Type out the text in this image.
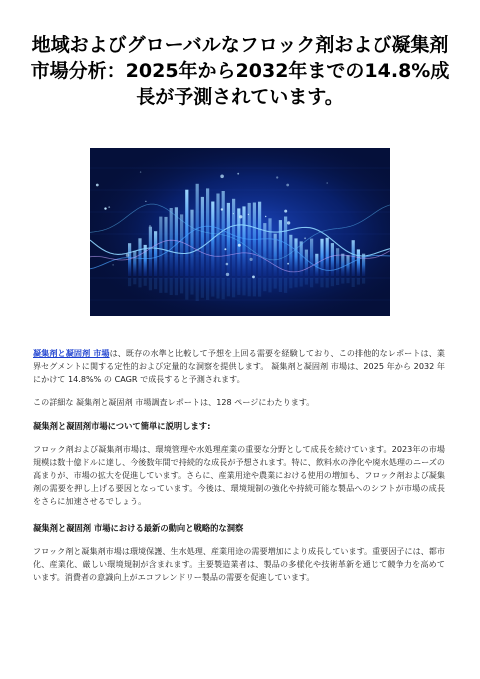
地域およびグローバルなフロック剤および凝集剤市場分析：2025年から2032年までの14.8%成長が予測されています。

凝集剤と凝固剤 市場は、既存の水準と比較して予想を上回る需要を経験しており、この排他的なレポートは、業界セグメントに関する定性的および定量的な洞察を提供します。 凝集剤と凝固剤 市場は、2025 年から 2032 年にかけて 14.8%% の CAGR で成長すると予測されます。

この詳細な 凝集剤と凝固剤 市場調査レポートは、128 ページにわたります。

凝集剤と凝固剤市場について簡単に説明します:

フロック剤および凝集剤市場は、環境管理や水処理産業の重要な分野として成長を続けています。2023年の市場規模は数十億ドルに達し、今後数年間で持続的な成長が予想されます。特に、飲料水の浄化や廃水処理のニーズの高まりが、市場の拡大を促進しています。さらに、産業用途や農業における使用の増加も、フロック剤および凝集剤の需要を押し上げる要因となっています。今後は、環境規制の強化や持続可能な製品へのシフトが市場の成長をさらに加速させるでしょう。

凝集剤と凝固剤 市場における最新の動向と戦略的な洞察

フロック剤と凝集剤市場は環境保護、生水処理、産業用途の需要増加により成長しています。重要因子には、都市化、産業化、厳しい環境規制が含まれます。主要製造業者は、製品の多様化や技術革新を通じて競争力を高めています。消費者の意識向上がエコフレンドリー製品の需要を促進しています。
